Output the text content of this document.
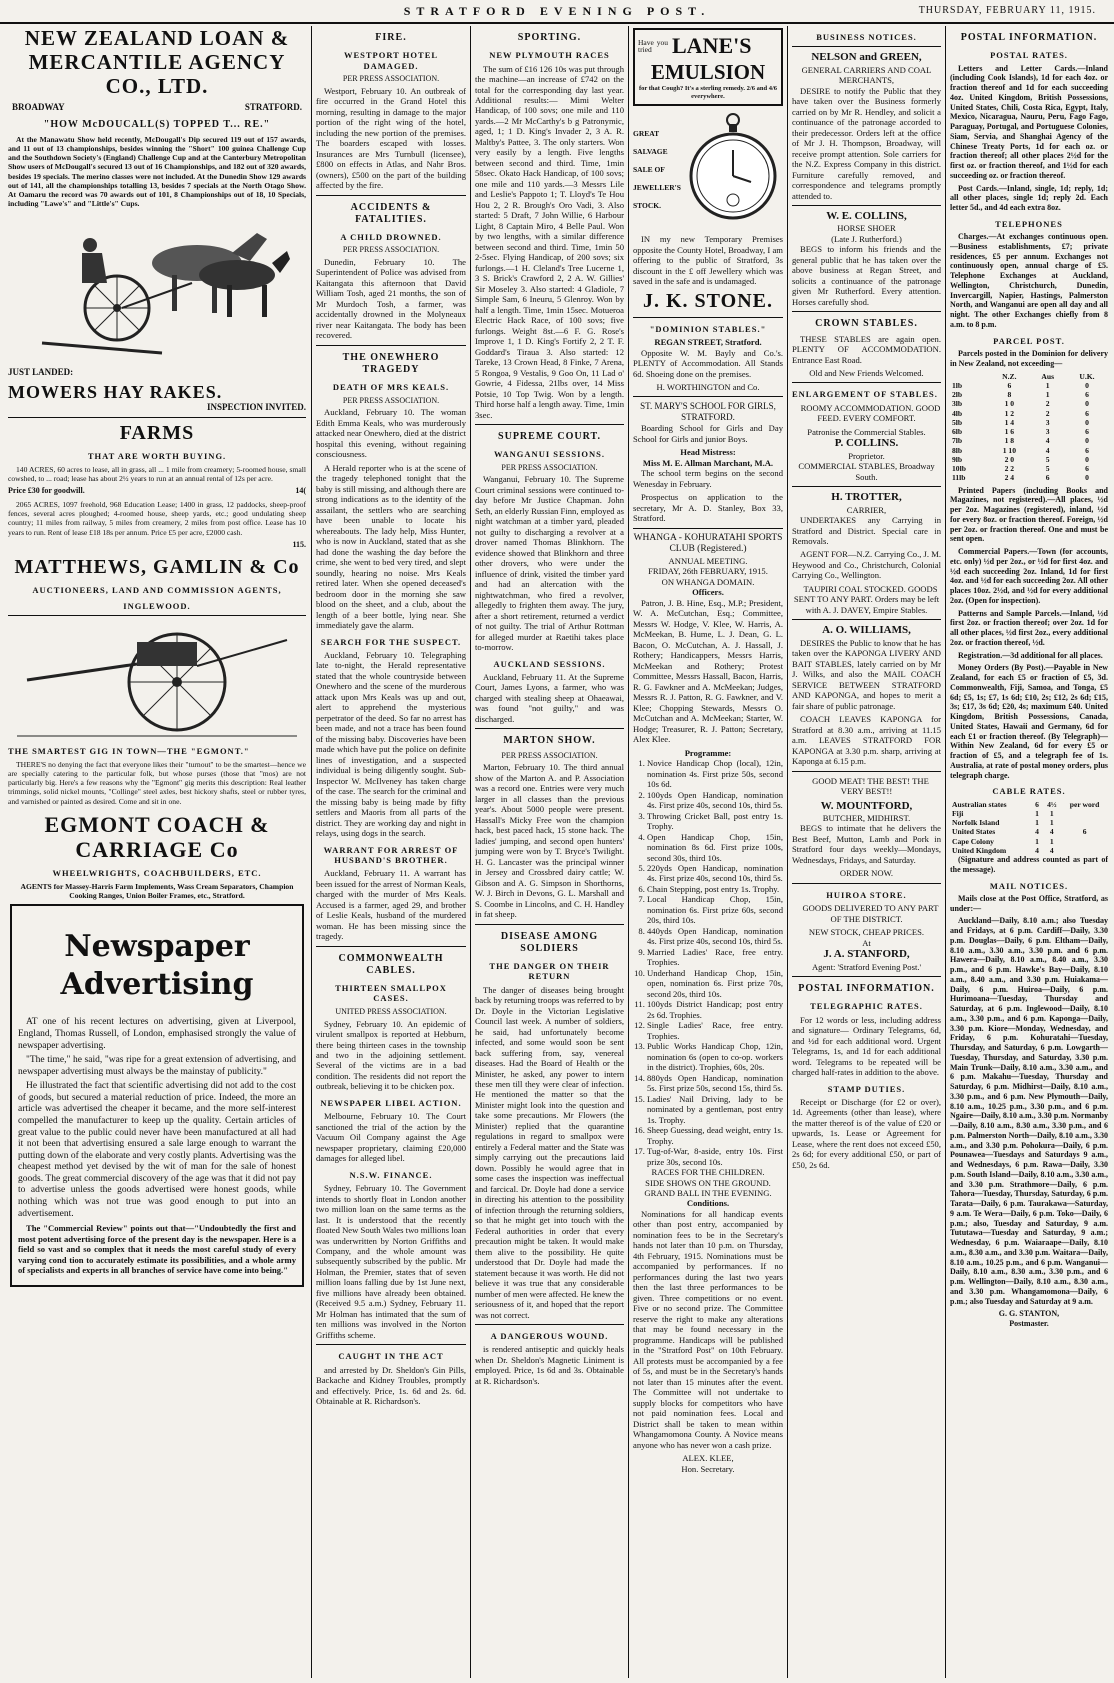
STRATFORD EVENING POST.	THURSDAY, FEBRUARY 11, 1915.
NEW ZEALAND LOAN & MERCANTILE AGENCY CO., LTD.
BROADWAY	STRATFORD.
"HOW McDOUCALL(S) TOPPED T... RE."

At the Manawatu Show held recently, McDougall's Dip secured 119 out of 157 awards, and 11 out of 13 championships, besides winning the "Short" 100 guinea Challenge Cup and the Southdown Society's (England) Challenge Cup and at the Canterbury Metropolitan Show users of McDougall's secured 13 out of 16 Championships, and 182 out of 320 awards, besides 19 specials. The merino classes were not included. At the Dunedin Show 129 awards out of 141, all the championships totalling 13, besides 7 specials at the North Otago Show. At Oamaru the record was 70 awards out of 101, 8 Championships out of 18, 10 Specials, including "Lawe's" and "Little's" Cups.

JUST LANDED:
MOWERS HAY RAKES.
INSPECTION INVITED.
FARMS
THAT ARE WORTH BUYING.

140 ACRES, 60 acres to lease, all in grass, all ... 1 mile from creamery; 5-roomed house, small cowshed, to ... road; lease has about 2½ years to run at an annual rental of 12s per acre.

Price £30 for goodwill.	14(

2065 ACRES, 1097 freehold, 968 Education Lease; 1400 in grass, 12 paddocks, sheep-proof fences, several acres ploughed; 4-roomed house, sheep yards, etc.; good undulating sheep country; 11 miles from railway, 5 miles from creamery, 2 miles from post office. Lease has 10 years to run. Rent of lease £18 18s per annum. Price £5 per acre, £2000 cash.

115.
MATTHEWS, GAMLIN & Co
AUCTIONEERS, LAND AND COMMISSION AGENTS,
INGLEWOOD.
THE SMARTEST GIG IN TOWN—THE "EGMONT."

THERE'S no denying the fact that everyone likes their "turnout" to be the smartest—hence we are specially catering to the particular folk, but whose purses (those that "mos) are not particularly big. Here's a few reasons why the "Egmont" gig merits this description: Real leather trimmings, solid nickel mounts, "Collinge" steel axles, best hickory shafts, steel or rubber tyres, and varnished or painted as desired. Come and sit in one.

EGMONT COACH & CARRIAGE Co
WHEELWRIGHTS, COACHBUILDERS, ETC.
AGENTS for Massey-Harris Farm Implements, Wass Cream Separators, Champion Cooking Ranges, Union Boiler Frames, etc., Stratford.
Newspaper
Advertising

AT one of his recent lectures on advertising, given at Liverpool, England, Thomas Russell, of London, emphasised strongly the value of newspaper advertising.

"The time," he said, "was ripe for a great extension of advertising, and newspaper advertising must always be the mainstay of publicity."

He illustrated the fact that scientific advertising did not add to the cost of goods, but secured a material reduction of price. Indeed, the more an article was advertised the cheaper it became, and the more self-interest compelled the manufacturer to keep up the quality. Certain articles of great value to the public could never have been manufactured at all had it not been that advertising ensured a sale large enough to warrant the putting down of the elaborate and very costly plants. Advertising was the cheapest method yet devised by the wit of man for the sale of honest goods. The great commercial discovery of the age was that it did not pay to advertise unless the goods advertised were honest goods, while nothing which was not true was good enough to put into an advertisement.

The "Commercial Review" points out that—"Undoubtedly the first and most potent advertising force of the present day is the newspaper. Here is a field so vast and so complex that it needs the most careful study of every varying cond tion to accurately estimate its possibilities, and a whole army of specialists and experts in all branches of service have come into being."

FIRE.
WESTPORT HOTEL DAMAGED.
PER PRESS ASSOCIATION.

Westport, February 10. An outbreak of fire occurred in the Grand Hotel this morning, resulting in damage to the major portion of the right wing of the hotel, including the new portion of the premises. The boarders escaped with losses. Insurances are Mrs Turnbull (licensee), £800 on effects in Atlas, and Nahr Bros. (owners), £500 on the part of the building affected by the fire.

ACCIDENTS & FATALITIES.
A CHILD DROWNED.
PER PRESS ASSOCIATION.

Dunedin, February 10. The Superintendent of Police was advised from Kaitangata this afternoon that David William Tosh, aged 21 months, the son of Mr Murdoch Tosh, a farmer, was accidentally drowned in the Molyneaux river near Kaitangata. The body has been recovered.

THE ONEWHERO TRAGEDY
DEATH OF MRS KEALS.
PER PRESS ASSOCIATION.

Auckland, February 10. The woman Edith Emma Keals, who was murderously attacked near Onewhero, died at the district hospital this evening, without regaining consciousness.

A Herald reporter who is at the scene of the tragedy telephoned tonight that the baby is still missing, and although there are strong indications as to the identity of the assailant, the settlers who are searching have been unable to locate his whereabouts. The lady help, Miss Hunter, who is now in Auckland, stated that as she had done the washing the day before the crime, she went to bed very tired, and slept soundly, hearing no noise. Mrs Keals retired later. When she opened deceased's bedroom door in the morning she saw blood on the sheet, and a club, about the length of a beer bottle, lying near. She immediately gave the alarm.

SEARCH FOR THE SUSPECT.

Auckland, February 10. Telegraphing late to-night, the Herald representative stated that the whole countryside between Onewhero and the scene of the murderous attack upon Mrs Keals was up and out, alert to apprehend the mysterious perpetrator of the deed. So far no arrest has been made, and not a trace has been found of the missing baby. Discoveries have been made which have put the police on definite lines of investigation, and a suspected individual is being diligently sought. Sub-Inspector W. McIlveney has taken charge of the case. The search for the criminal and the missing baby is being made by fifty settlers and Maoris from all parts of the district. They are working day and night in relays, using dogs in the search.

WARRANT FOR ARREST OF HUSBAND'S BROTHER.

Auckland, February 11. A warrant has been issued for the arrest of Norman Keals, charged with the murder of Mrs Keals. Accused is a farmer, aged 29, and brother of Leslie Keals, husband of the murdered woman. He has been missing since the tragedy.

COMMONWEALTH CABLES.
THIRTEEN SMALLPOX CASES.
UNITED PRESS ASSOCIATION.

Sydney, February 10. An epidemic of virulent smallpox is reported at Hebburn, there being thirteen cases in the township and two in the adjoining settlement. Several of the victims are in a bad condition. The residents did not report the outbreak, believing it to be chicken pox.

NEWSPAPER LIBEL ACTION.

Melbourne, February 10. The Court sanctioned the trial of the action by the Vacuum Oil Company against the Age newspaper proprietary, claiming £20,000 damages for alleged libel.

N.S.W. FINANCE.

Sydney, February 10. The Government intends to shortly float in London another two million loan on the same terms as the last. It is understood that the recently floated New South Wales two millions loan was underwritten by Norton Griffiths and Company, and the whole amount was subsequently subscribed by the public. Mr Holman, the Premier, states that of seven million loans falling due by 1st June next, five millions have already been obtained. (Received 9.5 a.m.) Sydney, February 11. Mr Holman has intimated that the sum of ten millions was involved in the Norton Griffiths scheme.

CAUGHT IN THE ACT

and arrested by Dr. Sheldon's Gin Pills, Backache and Kidney Troubles, promptly and effectively. Price, 1s. 6d and 2s. 6d. Obtainable at R. Richardson's.

SPORTING.
NEW PLYMOUTH RACES

The sum of £16 126 10s was put through the machine—an increase of £742 on the total for the corresponding day last year. Additional results:— Mimi Welter Handicap, of 100 sovs; one mile and 110 yards.—2 Mr McCarthy's b g Patronymic, aged, 1; 1 D. King's Invader 2, 3 A. R. Maltby's Pattee, 3. The only starters. Won very easily by a length. Five lengths between second and third. Time, 1min 58sec. Okato Hack Handicap, of 100 sovs; one mile and 110 yards.—3 Messrs Lile and Leslie's Pappoto 1; T. Lloyd's Te Hou Hou 2, 2 R. Brough's Oro Vadi, 3. Also started: 5 Draft, 7 John Willie, 6 Harbour Light, 8 Captain Miro, 4 Belle Paul. Won by two lengths, with a similar difference between second and third. Time, 1min 50 2-5sec. Flying Handicap, of 200 sovs; six furlongs.—1 H. Cleland's Tree Lucerne 1, 3 S. Brick's Crawford 2, 2 A. W. Gillies' Sir Moseley 3. Also started: 4 Gladiole, 7 Simple Sam, 6 Ineuru, 5 Glenroy. Won by half a length. Time, 1min 15sec. Motueroa Electric Hack Race, of 100 sovs; five furlongs. Weight 8st.—6 F. G. Rose's Improve 1, 1 D. King's Fortify 2, 2 T. F. Goddard's Tiraua 3. Also started: 12 Tareke, 13 Crown Head, 8 Finke, 7 Arena, 5 Rongoa, 9 Vestalis, 9 Goo On, 11 Lad o' Gowrie, 4 Fidessa, 21lbs over, 14 Miss Potsie, 10 Top Twig. Won by a length. Third horse half a length away. Time, 1min 3sec.

SUPREME COURT.
WANGANUI SESSIONS.
PER PRESS ASSOCIATION.

Wanganui, February 10. The Supreme Court criminal sessions were continued to-day before Mr Justice Chapman. John Seth, an elderly Russian Finn, employed as night watchman at a timber yard, pleaded not guilty to discharging a revolver at a drover named Thomas Blinkhorn. The evidence showed that Blinkhorn and three other drovers, who were under the influence of drink, visited the timber yard and had an altercation with the nightwatchman, who fired a revolver, allegedly to frighten them away. The jury, after a short retirement, returned a verdict of not guilty. The trial of Arthur Rottman for alleged murder at Raetihi takes place to-morrow.

AUCKLAND SESSIONS.

Auckland, February 11. At the Supreme Court, James Lyons, a farmer, who was charged with stealing sheep at Ohaeawai, was found "not guilty," and was discharged.

MARTON SHOW.
PER PRESS ASSOCIATION.

Marton, February 10. The third annual show of the Marton A. and P. Association was a record one. Entries were very much larger in all classes than the previous year's. About 5000 people were present. Hassall's Micky Free won the champion hack, best paced hack, 15 stone hack. The ladies' jumping, and second open hunters' jumping were won by T. Bryce's Twilight. H. G. Lancaster was the principal winner in Jersey and Crossbred dairy cattle; W. Gibson and A. G. Simpson in Shorthorns, W. J. Birch in Devons, G. L. Marshall and S. Coombe in Lincolns, and C. H. Handley in fat sheep.

DISEASE AMONG SOLDIERS
THE DANGER ON THEIR RETURN

The danger of diseases being brought back by returning troops was referred to by Dr. Doyle in the Victorian Legislative Council last week. A number of soldiers, he said, had unfortunately become infected, and some would soon be sent back suffering from, say, venereal diseases. Had the Board of Health or the Minister, he asked, any power to intern these men till they were clear of infection. He mentioned the matter so that the Minister might look into the question and take some precautions. Mr Flowers (the Minister) replied that the quarantine regulations in regard to smallpox were entirely a Federal matter and the State was simply carrying out the precautions laid down. Possibly he would agree that in some cases the inspection was ineffectual and farcical. Dr. Doyle had done a service in directing his attention to the possibility of infection through the returning soldiers, so that he might get into touch with the Federal authorities in order that every precaution might be taken. It would make them alive to the possibility. He quite understood that Dr. Doyle had made the statement because it was worth. He did not believe it was true that any considerable number of men were affected. He knew the seriousness of it, and hoped that the report was not correct.

A DANGEROUS WOUND.

is rendered antiseptic and quickly heals when Dr. Sheldon's Magnetic Liniment is employed. Price, 1s 6d and 3s. Obtainable at R. Richardson's.

Have you tried LANE'S
EMULSION
for that Cough? It's a sterling remedy. 2/6 and 4/6 everywhere.
GREAT
SALVAGE
SALE OF
JEWELLER'S
STOCK.

IN my new Temporary Premises opposite the County Hotel, Broadway, I am offering to the public of Stratford, 3s discount in the £ off Jewellery which was saved in the safe and is undamaged.

J. K. STONE.
"DOMINION STABLES."
REGAN STREET, Stratford.

Opposite W. M. Bayly and Co.'s. PLENTY of Accommodation. All Stands 6d. Shoeing done on the premises.

H. WORTHINGTON and Co.
ST. MARY'S SCHOOL FOR GIRLS, STRATFORD.

Boarding School for Girls and Day School for Girls and junior Boys.

Head Mistress:
Miss M. E. Allman Marchant, M.A.

The school term begins on the second Wenesday in February.

Prospectus on application to the secretary, Mr A. D. Stanley, Box 33, Stratford.

WHANGA - KOHURATAHI SPORTS CLUB (Registered.)
ANNUAL MEETING.
FRIDAY, 26th FEBRUARY, 1915.
ON WHANGA DOMAIN.
Officers.

Patron, J. B. Hine, Esq., M.P.; President, W. A. McCutchan, Esq.; Committee, Messrs W. Hodge, V. Klee, W. Harris, A. McMeekan, B. Hume, L. J. Dean, G. L. Bacon, O. McCutchan, A. J. Hassall, J. Rothery; Handicappers, Messrs Harris, McMeekan and Rothery; Protest Committee, Messrs Hassall, Bacon, Harris, R. G. Fawkner and A. McMeekan; Judges, Messrs R. J. Patton, R. G. Fawkner, and V. Klee; Chopping Stewards, Messrs O. McCutchan and A. McMeekan; Starter, W. Hodge; Treasurer, R. J. Patton; Secretary, Alex Klee.

Programme:
1. Novice Handicap Chop (local), 12in, nomination 4s. First prize 50s, second 10s 6d.
2. 100yds Open Handicap, nomination 4s. First prize 40s, second 10s, third 5s.
3. Throwing Cricket Ball, post entry 1s. Trophy.
4. Open Handicap Chop, 15in, nomination 8s 6d. First prize 100s, second 30s, third 10s.
5. 220yds Open Handicap, nomination 4s. First prize 40s, second 10s, third 5s.
6. Chain Stepping, post entry 1s. Trophy.
7. Local Handicap Chop, 15in, nomination 6s. First prize 60s, second 20s, third 10s.
8. 440yds Open Handicap, nomination 4s. First prize 40s, second 10s, third 5s.
9. Married Ladies' Race, free entry. Trophies.
10. Underhand Handicap Chop, 15in, open, nomination 6s. First prize 70s, second 20s, third 10s.
11. 100yds District Handicap; post entry 2s 6d. Trophies.
12. Single Ladies' Race, free entry. Trophies.
13. Public Works Handicap Chop, 12in, nomination 6s (open to co-op. workers in the district). Trophies, 60s, 20s.
14. 880yds Open Handicap, nomination 5s. First prize 50s, second 15s, third 5s.
15. Ladies' Nail Driving, lady to be nominated by a gentleman, post entry 1s. Trophy.
16. Sheep Guessing, dead weight, entry 1s. Trophy.
17. Tug-of-War, 8-aside, entry 10s. First prize 30s, second 10s.
RACES FOR THE CHILDREN.
SIDE SHOWS ON THE GROUND.
GRAND BALL IN THE EVENING.
Conditions.

Nominations for all handicap events other than post entry, accompanied by nomination fees to be in the Secretary's hands not later than 10 p.m. on Thursday, 4th February, 1915. Nominations must be accompanied by performances. If no performances during the last two years then the last three performances to be given. Three competitions or no event. Five or no second prize. The Committee reserve the right to make any alterations that may be found necessary in the programme. Handicaps will be published in the "Stratford Post" on 10th February. All protests must be accompanied by a fee of 5s, and must be in the Secretary's hands not later than 15 minutes after the event. The Committee will not undertake to supply blocks for competitors who have not paid nomination fees. Local and District shall be taken to mean within Whangamomona County. A Novice means anyone who has never won a cash prize.

ALEX. KLEE,
Hon. Secretary.
BUSINESS NOTICES.
NELSON and GREEN,
GENERAL CARRIERS AND COAL MERCHANTS,

DESIRE to notify the Public that they have taken over the Business formerly carried on by Mr R. Hendley, and solicit a continuance of the patronage accorded to their predecessor. Orders left at the office of Mr J. H. Thompson, Broadway, will receive prompt attention. Sole carriers for the N.Z. Express Company in this district. Furniture carefully removed, and correspondence and telegrams promptly attended to.

W. E. COLLINS,
HORSE SHOER
(Late J. Rutherford.)

BEGS to inform his friends and the general public that he has taken over the above business at Regan Street, and solicits a continuance of the patronage given Mr Rutherford. Every attention. Horses carefully shod.

CROWN STABLES.

THESE STABLES are again open. PLENTY OF ACCOMMODATION. Entrance East Road.

Old and New Friends Welcomed.
ENLARGEMENT OF STABLES.

ROOMY ACCOMMODATION. GOOD FEED. EVERY COMFORT.

Patronise the Commercial Stables.
P. COLLINS.
Proprietor.
COMMERCIAL STABLES, Broadway South.
H. TROTTER,
CARRIER,

UNDERTAKES any Carrying in Stratford and District. Special care in Removals.

AGENT FOR—N.Z. Carrying Co., J. M. Heywood and Co., Christchurch, Colonial Carrying Co., Wellington.

TAUPIRI COAL STOCKED. GOODS SENT TO ANY PART. Orders may be left with A. J. DAVEY, Empire Stables.

A. O. WILLIAMS,

DESIRES the Public to know that he has taken over the KAPONGA LIVERY AND BAIT STABLES, lately carried on by Mr J. Wilks, and also the MAIL COACH SERVICE BETWEEN STRATFORD AND KAPONGA, and hopes to merit a fair share of public patronage.

COACH LEAVES KAPONGA for Stratford at 8.30 a.m., arriving at 11.15 a.m. LEAVES STRATFORD FOR KAPONGA at 3.30 p.m. sharp, arriving at Kaponga at 6.15 p.m.

GOOD MEAT! THE BEST! THE VERY BEST!!

W. MOUNTFORD,
BUTCHER, MIDHIRST.

BEGS to intimate that he delivers the Best Beef, Mutton, Lamb and Pork in Stratford four days weekly—Mondays, Wednesdays, Fridays, and Saturday.

ORDER NOW.
HUIROA STORE.

GOODS DELIVERED TO ANY PART OF THE DISTRICT.

NEW STOCK, CHEAP PRICES.
At
J. A. STANFORD,
Agent: 'Stratford Evening Post.'
POSTAL INFORMATION.
TELEGRAPHIC RATES.

For 12 words or less, including address and signature— Ordinary Telegrams, 6d, and ½d for each additional word. Urgent Telegrams, 1s, and 1d for each additional word. Telegrams to be repeated will be charged half-rates in addition to the above.

STAMP DUTIES.

Receipt or Discharge (for £2 or over), 1d. Agreements (other than lease), where the matter thereof is of the value of £20 or upwards, 1s. Lease or Agreement for Lease, where the rent does not exceed £50, 2s 6d; for every additional £50, or part of £50, 2s 6d.

POSTAL INFORMATION.
POSTAL RATES.

Letters and Letter Cards.—Inland (including Cook Islands), 1d for each 4oz. or fraction thereof and 1d for each succeeding 4oz. United Kingdom, British Possessions, United States, Chili, Costa Rica, Egypt, Italy, Mexico, Nicaragua, Nauru, Peru, Fago Fago, Paraguay, Portugal, and Portuguese Colonies, Siam, Servia, and Shanghai Agency of the Chinese Treaty Ports, 1d for each oz. or fraction thereof; all other places 2½d for the first oz. or fraction thereof, and 1½d for each succeeding oz. or fraction thereof.

Post Cards.—Inland, single, 1d; reply, 1d; all other places, single 1d; reply 2d. Each letter 5d., and 4d each extra 8oz.

TELEPHONES

Charges.—At exchanges continuous open.—Business establishments, £7; private residences, £5 per annum. Exchanges not continuously open, annual charge of £5. Telephone Exchanges at Auckland, Wellington, Christchurch, Dunedin, Invercargill, Napier, Hastings, Palmerston North, and Wanganui are open all day and all night. The other Exchanges chiefly from 8 a.m. to 8 p.m.

PARCEL POST.

Parcels posted in the Dominion for delivery in New Zealand, not exceeding—

	N.Z.	Aus	U.K.
1lb	6	1	0
2lb	8	1	6
3lb	1 0	2	0
4lb	1 2	2	6
5lb	1 4	3	0
6lb	1 6	3	6
7lb	1 8	4	0
8lb	1 10	4	6
9lb	2 0	5	0
10lb	2 2	5	6
11lb	2 4	6	0

Printed Papers (including Books and Magazines, not registered).—All places, ½d per 2oz. Magazines (registered), inland, ½d for every 8oz. or fraction thereof. Foreign, ½d per 2oz. or fraction thereof. One and must be sent open.

Commercial Papers.—Town (for accounts, etc. only) ½d per 2oz., or ½d for first 4oz. and ½d each succeeding 2oz. Inland, 1d for first 4oz. and ½d for each succeeding 2oz. All other places 10oz. 2½d, and ½d for every additional 2oz. (Open for inspection).

Patterns and Sample Parcels.—Inland, ½d first 2oz. or fraction thereof; over 2oz. 1d for all other places, ½d first 2oz., every additional 2oz. or fraction thereof, ½d.

Registration.—3d additional for all places.

Money Orders (By Post).—Payable in New Zealand, for each £5 or fraction of £5, 3d. Commonwealth, Fiji, Samoa, and Tonga, £5 6d; £5, 1s; £7, 1s 6d; £10, 2s; £12, 2s 6d; £15, 3s; £17, 3s 6d; £20, 4s; maximum £40. United Kingdom, British Possessions, Canada, United States, Hawaii and Germany, 6d for each £1 or fraction thereof. (By Telegraph)—Within New Zealand, 6d for every £5 or fraction of £5, and a telegraph fee of 1s. Australia, at rate of postal money orders, plus telegraph charge.

CABLE RATES.
Australian states	6	4½	per word
Fiji	1	1	
Norfolk Island	1	1	
United States	4	4	6
Cape Colony	1	1	
United Kingdom	4	4	

(Signature and address counted as part of the message).

MAIL NOTICES.

Mails close at the Post Office, Stratford, as under:—

Auckland—Daily, 8.10 a.m.; also Tuesday and Fridays, at 6 p.m. Cardiff—Daily, 3.30 p.m. Douglas—Daily, 6 p.m. Eltham—Daily, 8.10 a.m., 3.30 a.m., 3.30 p.m. and 6 p.m. Hawera—Daily, 8.10 a.m., 8.40 a.m., 3.30 p.m., and 6 p.m. Hawke's Bay—Daily, 8.10 a.m., 8.40 a.m., and 3.30 p.m. Huiakama—Daily, 6 p.m. Huiroa—Daily, 6 p.m. Hurimoana—Tuesday, Thursday and Saturday, at 6 p.m. Inglewood—Daily, 8.10 a.m., 3.30 p.m., and 6 p.m. Kaponga—Daily, 3.30 p.m. Kiore—Monday, Wednesday, and Friday, 6 p.m. Kohuratahi—Tuesday, Thursday, and Saturday, 6 p.m. Lowgarth—Tuesday, Thursday, and Saturday, 3.30 p.m. Main Trunk—Daily, 8.10 a.m., 3.30 a.m., and 6 p.m. Makahu—Tuesday, Thursday and Saturday, 6 p.m. Midhirst—Daily, 8.10 a.m., 3.30 p.m., and 6 p.m. New Plymouth—Daily, 8.10 a.m., 10.25 p.m., 3.30 p.m., and 6 p.m. Ngaire—Daily, 8.10 a.m., 3.30 p.m. Normanby—Daily, 8.10 a.m., 8.30 a.m., 3.30 p.m., and 6 p.m. Palmerston North—Daily, 8.10 a.m., 3.30 a.m., and 3.30 p.m. Pohokura—Daily, 6 p.m. Pounawea—Tuesdays and Saturdays 9 a.m., and Wednesdays, 6 p.m. Rawa—Daily, 3.30 p.m. South Island—Daily, 8.10 a.m., 3.30 a.m., and 3.30 p.m. Strathmore—Daily, 6 p.m. Tahora—Tuesday, Thursday, Saturday, 6 p.m. Tarata—Daily, 6 p.m. Taurakawa—Saturday, 9 a.m. Te Wera—Daily, 6 p.m. Toko—Daily, 6 p.m.; also, Tuesday and Saturday, 9 a.m. Tututawa—Tuesday and Saturday, 9 a.m.; Wednesday, 6 p.m. Waiaraape—Daily, 8.10 a.m., 8.30 a.m., and 3.30 p.m. Waitara—Daily, 8.10 a.m., 10.25 p.m., and 6 p.m. Wanganui—Daily, 8.10 a.m., 8.30 a.m., 3.30 p.m., and 6 p.m. Wellington—Daily, 8.10 a.m., 8.30 a.m., and 3.30 p.m. Whangamomona—Daily, 6 p.m.; also Tuesday and Saturday at 9 a.m.

G. G. STANTON,
Postmaster.
